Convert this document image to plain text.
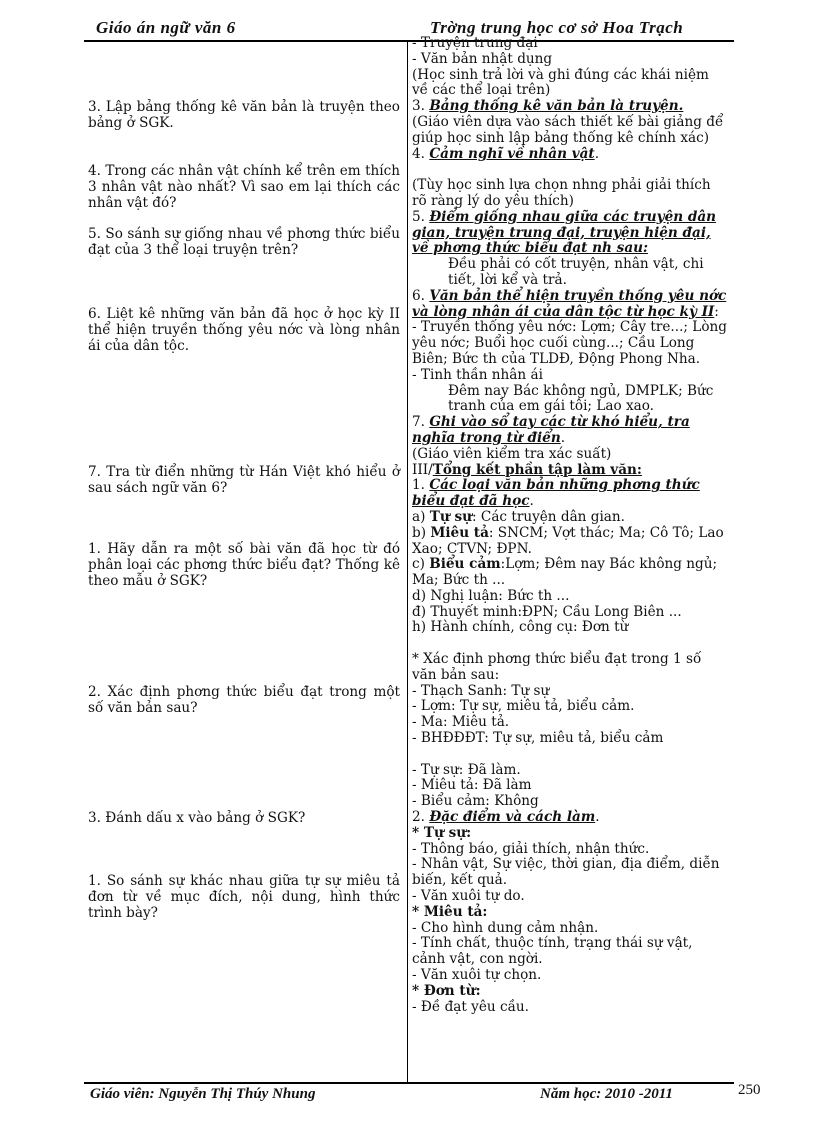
Giáo án ngữ văn 6	Trờng trung học cơ sở Hoa Trạch
3. Lập bảng thống kê văn bản là truyện theo bảng ở SGK.
4. Trong các nhân vật chính kể trên em thích 3 nhân vật nào nhất? Vì sao em lại thích các nhân vật đó?
5. So sánh sự giống nhau về phơng thức biểu đạt của 3 thể loại truyện trên?
6. Liệt kê những văn bản đã học ở học kỳ II thể hiện truyền thống yêu nớc và lòng nhân ái của dân tộc.
7. Tra từ điển những từ Hán Việt khó hiểu ở sau sách ngữ văn 6?
1. Hãy dẫn ra một số bài văn đã học từ đó phân loại các phơng thức biểu đạt? Thống kê theo mẫu ở SGK?
2. Xác định phơng thức biểu đạt trong một số văn bản sau?
3. Đánh dấu x vào bảng ở SGK?
1. So sánh sự khác nhau giữa tự sự miêu tả đơn từ về mục đích, nội dung, hình thức trình bày?
- Truyện trung đại
- Văn bản nhật dụng
(Học sinh trả lời và ghi đúng các khái niệm về các thể loại trên)
3. Bảng thống kê văn bản là truyện.
(Giáo viên dựa vào sách thiết kế bài giảng để giúp học sinh lập bảng thống kê chính xác)
4. Cảm nghĩ về nhân vật.
(Tùy học sinh lựa chọn nhng phải giải thích rõ ràng lý do yêu thích)
5. Điểm giống nhau giữa các truyện dân gian, truyện trung đại, truyện hiện đại, về phơng thức biểu đạt nh sau:
Đều phải có cốt truyện, nhân vật, chi tiết, lời kể và trả.
6. Văn bản thể hiện truyền thống yêu nớc và lòng nhân ái của dân tộc từ học kỳ II:
- Truyền thống yêu nớc: Lợm; Cây tre...; Lòng yêu nớc; Buổi học cuối cùng...; Cầu Long Biên; Bức th của TLDĐ, Động Phong Nha.
- Tinh thần nhân ái
Đêm nay Bác không ngủ, DMPLK; Bức tranh của em gái tôi; Lao xao.
7. Ghi vào sổ tay các từ khó hiểu, tra nghĩa trong từ điển.
(Giáo viên kiểm tra xác suất)
III/Tổng kết phần tập làm văn:
1. Các loại văn bản những phơng thức biểu đạt đã học.
a) Tự sự: Các truyện dân gian.
b) Miêu tả: SNCM; Vợt thác; Ma; Cô Tô; Lao Xao; CTVN; ĐPN.
c) Biểu cảm:Lợm; Đêm nay Bác không ngủ; Ma; Bức th ...
d) Nghị luận: Bức th ...
đ) Thuyết minh:ĐPN; Cầu Long Biên ...
h) Hành chính, công cụ: Đơn từ
* Xác định phơng thức biểu đạt trong 1 số văn bản sau:
- Thạch Sanh: Tự sự
- Lợm: Tự sự, miêu tả, biểu cảm.
- Ma: Miêu tả.
- BHĐĐĐT: Tự sự, miêu tả, biểu cảm
- Tự sự: Đã làm.
- Miêu tả: Đã làm
- Biểu cảm: Không
2. Đặc điểm và cách làm.
* Tự sự:
- Thông báo, giải thích, nhận thức.
- Nhân vật, Sự việc, thời gian, địa điểm, diễn biến, kết quả.
- Văn xuôi tự do.
* Miêu tả:
- Cho hình dung cảm nhận.
- Tính chất, thuộc tính, trạng thái sự vật, cảnh vật, con ngời.
- Văn xuôi tự chọn.
* Đơn từ:
- Đề đạt yêu cầu.
Giáo viên: Nguyễn Thị Thúy Nhung	Năm học: 2010 -2011	250
